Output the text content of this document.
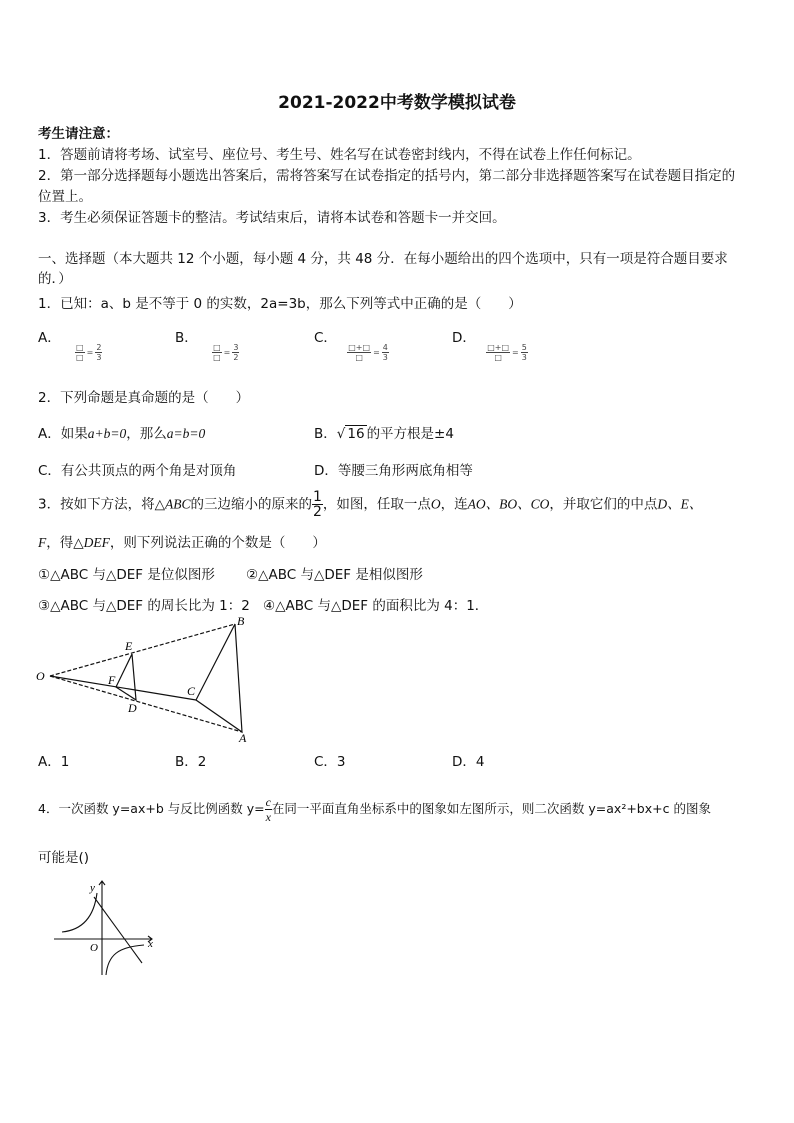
2021-2022中考数学模拟试卷
考生请注意：
1．答题前请将考场、试室号、座位号、考生号、姓名写在试卷密封线内，不得在试卷上作任何标记。
2．第一部分选择题每小题选出答案后，需将答案写在试卷指定的括号内，第二部分非选择题答案写在试卷题目指定的
位置上。
3．考生必须保证答题卡的整洁。考试结束后，请将本试卷和答题卡一并交回。
一、选择题（本大题共 12 个小题，每小题 4 分，共 48 分．在每小题给出的四个选项中，只有一项是符合题目要求
的．）
1．已知：a、b 是不等于 0 的实数，2a=3b，那么下列等式中正确的是（　　）
A．
$\frac{□}{□} = \frac{2}{3}$
B．
$\frac{□}{□} = \frac{3}{2}$
C．
$\frac{□+□}{□} = \frac{4}{3}$
D．
$\frac{□+□}{□} = \frac{5}{3}$
2．下列命题是真命题的是（　　）
A．如果a+b=0，那么a=b=0	B．√ 16 的平方根是±4
C．有公共顶点的两个角是对顶角	D．等腰三角形两底角相等
3．按如下方法，将△ABC的三边缩小的原来的 $\frac{1}{2}$ ，如图，任取一点O，连AO、BO、CO，并取它们的中点D、E、
F，得△DEF，则下列说法正确的个数是（　　）
①△ABC 与△DEF 是位似图形 ②△ABC 与△DEF 是相似图形
③△ABC 与△DEF 的周长比为 1：2 ④△ABC 与△DEF 的面积比为 4：1．
O
B
A
C
E
F
D
A．1	B．2	C．3	D．4
4．一次函数 y=ax+b 与反比例函数 $y= \frac{c}{x}$ 在同一平面直角坐标系中的图象如左图所示，则二次函数 y=ax²+bx+c 的图象
可能是()
y
x
O
